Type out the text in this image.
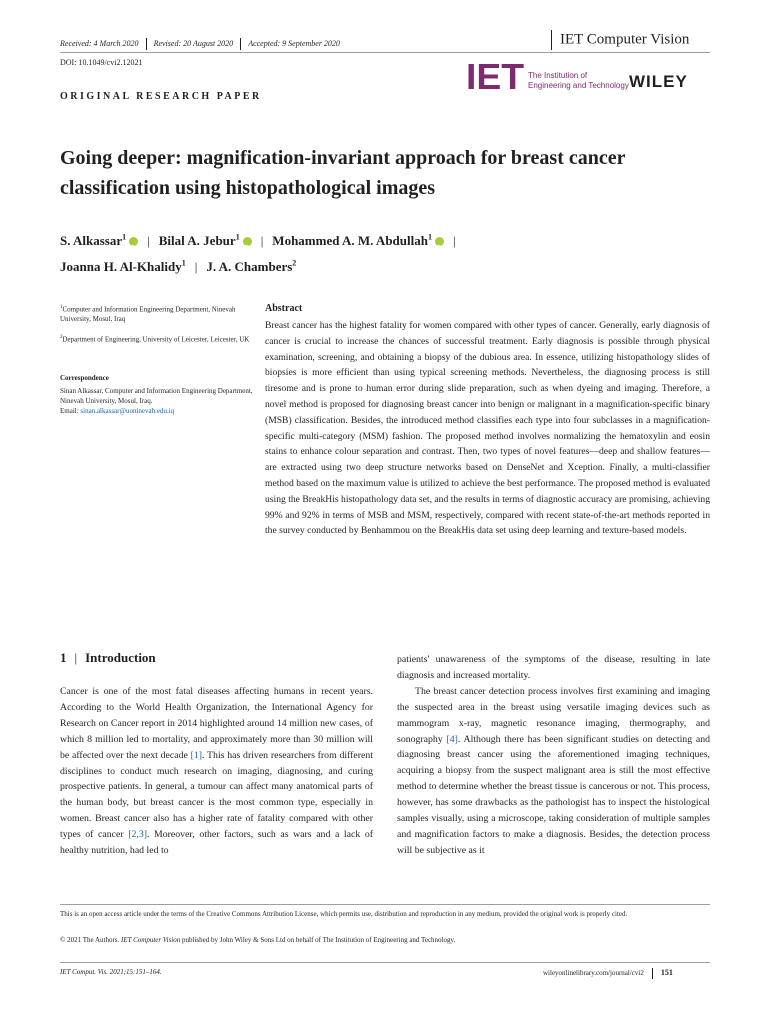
Received: 4 March 2020 Revised: 20 August 2020 Accepted: 9 September 2020	IET Computer Vision
DOI: 10.1049/cvi2.12021	IET The Institution of
Engineering and Technology WILEY
ORIGINAL RESEARCH PAPER
Going deeper: magnification-invariant approach for breast cancer classification using histopathological images
S. Alkassar$^1$ iD | Bilal A. Jebur$^1$ iD | Mohammed A. M. Abdullah$^1$ iD |
Joanna H. Al-Khalidy$^1$ | J. A. Chambers$^2$
$^1$Computer and Information Engineering Department, Ninevah University, Mosul, Iraq
$^2$Department of Engineering, University of Leicester, Leicester, UK
Correspondence
Sinan Alkassar, Computer and Information Engineering Department, Ninevah University, Mosul, Iraq.
Email: sinan.alkassar@uoninevah.edu.iq
Abstract
Breast cancer has the highest fatality for women compared with other types of cancer. Generally, early diagnosis of cancer is crucial to increase the chances of successful treatment. Early diagnosis is possible through physical examination, screening, and obtaining a biopsy of the dubious area. In essence, utilizing histopathology slides of biopsies is more efficient than using typical screening methods. Nevertheless, the diagnosing process is still tiresome and is prone to human error during slide preparation, such as when dyeing and imaging. Therefore, a novel method is proposed for diagnosing breast cancer into benign or malignant in a magnification-specific binary (MSB) classification. Besides, the introduced method classifies each type into four subclasses in a magnification-specific multi-category (MSM) fashion. The proposed method involves normalizing the hematoxylin and eosin stains to enhance colour separation and contrast. Then, two types of novel features—deep and shallow features—are extracted using two deep structure networks based on DenseNet and Xception. Finally, a multi-classifier method based on the maximum value is utilized to achieve the best performance. The proposed method is evaluated using the BreakHis histopathology data set, and the results in terms of diagnostic accuracy are promising, achieving 99% and 92% in terms of MSB and MSM, respectively, compared with recent state-of-the-art methods reported in the survey conducted by Benhammou on the BreakHis data set using deep learning and texture-based models.
1 | Introduction

Cancer is one of the most fatal diseases affecting humans in recent years. According to the World Health Organization, the International Agency for Research on Cancer report in 2014 highlighted around 14 million new cases, of which 8 million led to mortality, and approximately more than 30 million will be affected over the next decade [1]. This has driven researchers from different disciplines to conduct much research on imaging, diagnosing, and curing prospective patients. In general, a tumour can affect many anatomical parts of the human body, but breast cancer is the most common type, especially in women. Breast cancer also has a higher rate of fatality compared with other types of cancer [2,3]. Moreover, other factors, such as wars and a lack of healthy nutrition, had led to

patients' unawareness of the symptoms of the disease, resulting in late diagnosis and increased mortality.

The breast cancer detection process involves first examining and imaging the suspected area in the breast using versatile imaging devices such as mammogram x-ray, magnetic resonance imaging, thermography, and sonography [4]. Although there has been significant studies on detecting and diagnosing breast cancer using the aforementioned imaging techniques, acquiring a biopsy from the suspect malignant area is still the most effective method to determine whether the breast tissue is cancerous or not. This process, however, has some drawbacks as the pathologist has to inspect the histological samples visually, using a microscope, taking consideration of multiple samples and magnification factors to make a diagnosis. Besides, the detection process will be subjective as it

This is an open access article under the terms of the Creative Commons Attribution License, which permits use, distribution and reproduction in any medium, provided the original work is properly cited.
© 2021 The Authors. IET Computer Vision published by John Wiley & Sons Ltd on behalf of The Institution of Engineering and Technology.
IET Comput. Vis. 2021;15:151–164.	wileyonlinelibrary.com/journal/cvi2 151
